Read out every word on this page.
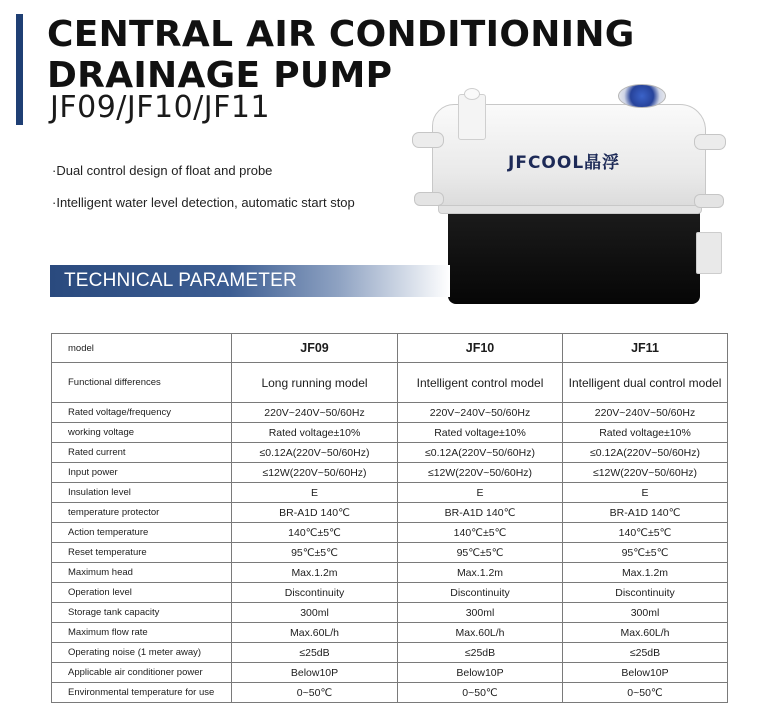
CENTRAL AIR CONDITIONING
DRAINAGE PUMP
JF09/JF10/JF11
·Dual control design of float and probe
·Intelligent water level detection, automatic start stop
JFCOOL晶浮
TECHNICAL PARAMETER
model	JF09	JF10	JF11
Functional differences	Long running model	Intelligent control model	Intelligent dual control model
Rated voltage/frequency	220V~240V~50/60Hz	220V~240V~50/60Hz	220V~240V~50/60Hz
working voltage	Rated voltage±10%	Rated voltage±10%	Rated voltage±10%
Rated current	≤0.12A(220V~50/60Hz)	≤0.12A(220V~50/60Hz)	≤0.12A(220V~50/60Hz)
Input power	≤12W(220V~50/60Hz)	≤12W(220V~50/60Hz)	≤12W(220V~50/60Hz)
Insulation level	E	E	E
temperature protector	BR-A1D 140℃	BR-A1D 140℃	BR-A1D 140℃
Action temperature	140℃±5℃	140℃±5℃	140℃±5℃
Reset temperature	95℃±5℃	95℃±5℃	95℃±5℃
Maximum head	Max.1.2m	Max.1.2m	Max.1.2m
Operation level	Discontinuity	Discontinuity	Discontinuity
Storage tank capacity	300ml	300ml	300ml
Maximum flow rate	Max.60L/h	Max.60L/h	Max.60L/h
Operating noise (1 meter away)	≤25dB	≤25dB	≤25dB
Applicable air conditioner power	Below10P	Below10P	Below10P
Environmental temperature for use	0~50℃	0~50℃	0~50℃
